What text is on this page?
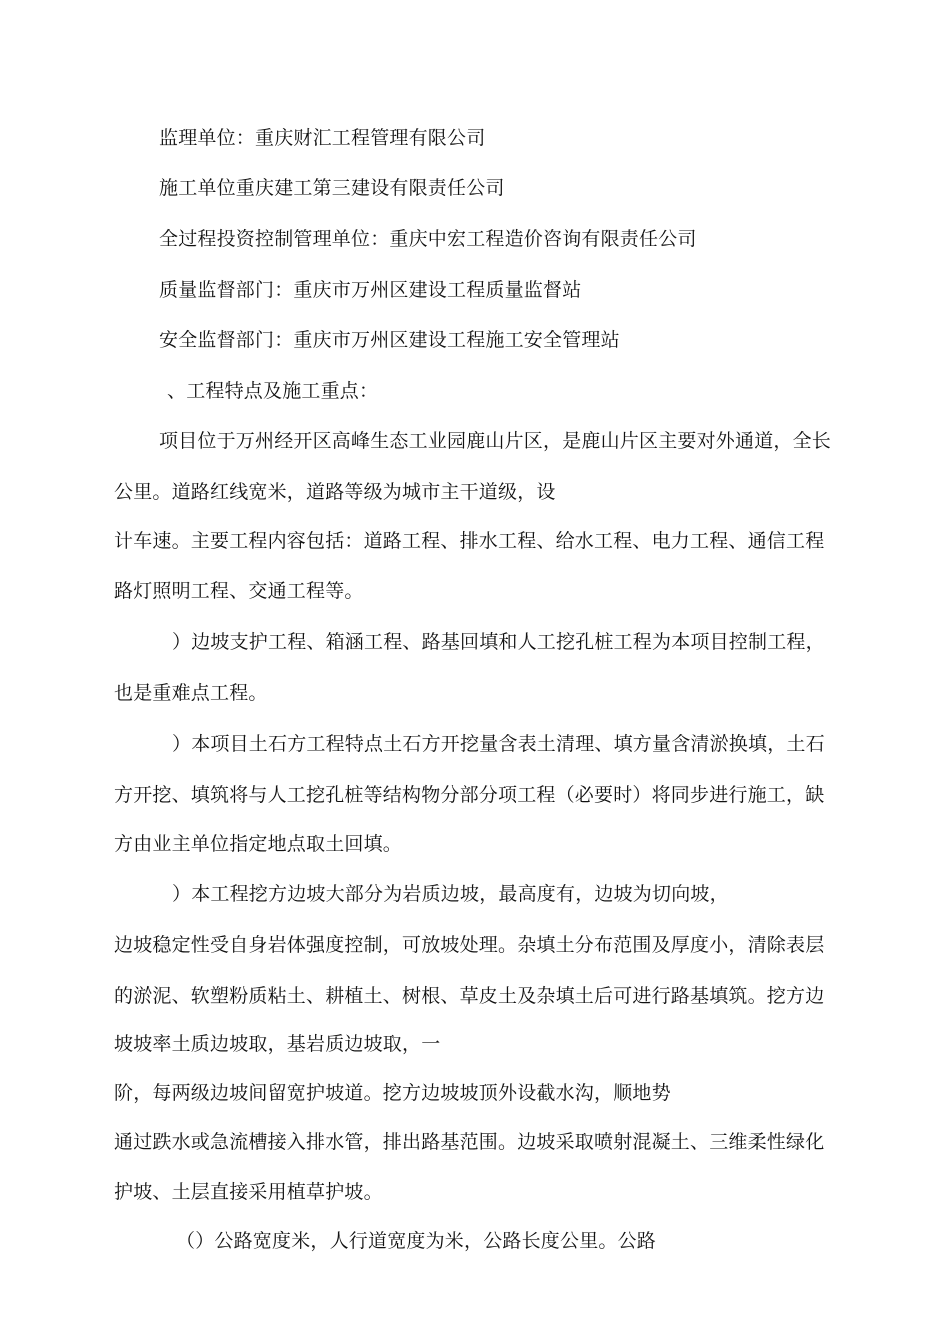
监理单位：重庆财汇工程管理有限公司
施工单位重庆建工第三建设有限责任公司
全过程投资控制管理单位：重庆中宏工程造价咨询有限责任公司
质量监督部门：重庆市万州区建设工程质量监督站
安全监督部门：重庆市万州区建设工程施工安全管理站
、工程特点及施工重点：
项目位于万州经开区高峰生态工业园鹿山片区，是鹿山片区主要对外通道，全长
公里。道路红线宽米，道路等级为城市主干道级，设
计车速。主要工程内容包括：道路工程、排水工程、给水工程、电力工程、通信工程
路灯照明工程、交通工程等。
）边坡支护工程、箱涵工程、路基回填和人工挖孔桩工程为本项目控制工程，
也是重难点工程。
）本项目土石方工程特点土石方开挖量含表土清理、填方量含清淤换填，土石
方开挖、填筑将与人工挖孔桩等结构物分部分项工程（必要时）将同步进行施工，缺
方由业主单位指定地点取土回填。
）本工程挖方边坡大部分为岩质边坡，最高度有，边坡为切向坡，
边坡稳定性受自身岩体强度控制，可放坡处理。杂填土分布范围及厚度小，清除表层
的淤泥、软塑粉质粘土、耕植土、树根、草皮土及杂填土后可进行路基填筑。挖方边
坡坡率土质边坡取，基岩质边坡取，一
阶，每两级边坡间留宽护坡道。挖方边坡坡顶外设截水沟，顺地势
通过跌水或急流槽接入排水管，排出路基范围。边坡采取喷射混凝土、三维柔性绿化
护坡、土层直接采用植草护坡。
（）公路宽度米，人行道宽度为米，公路长度公里。公路
